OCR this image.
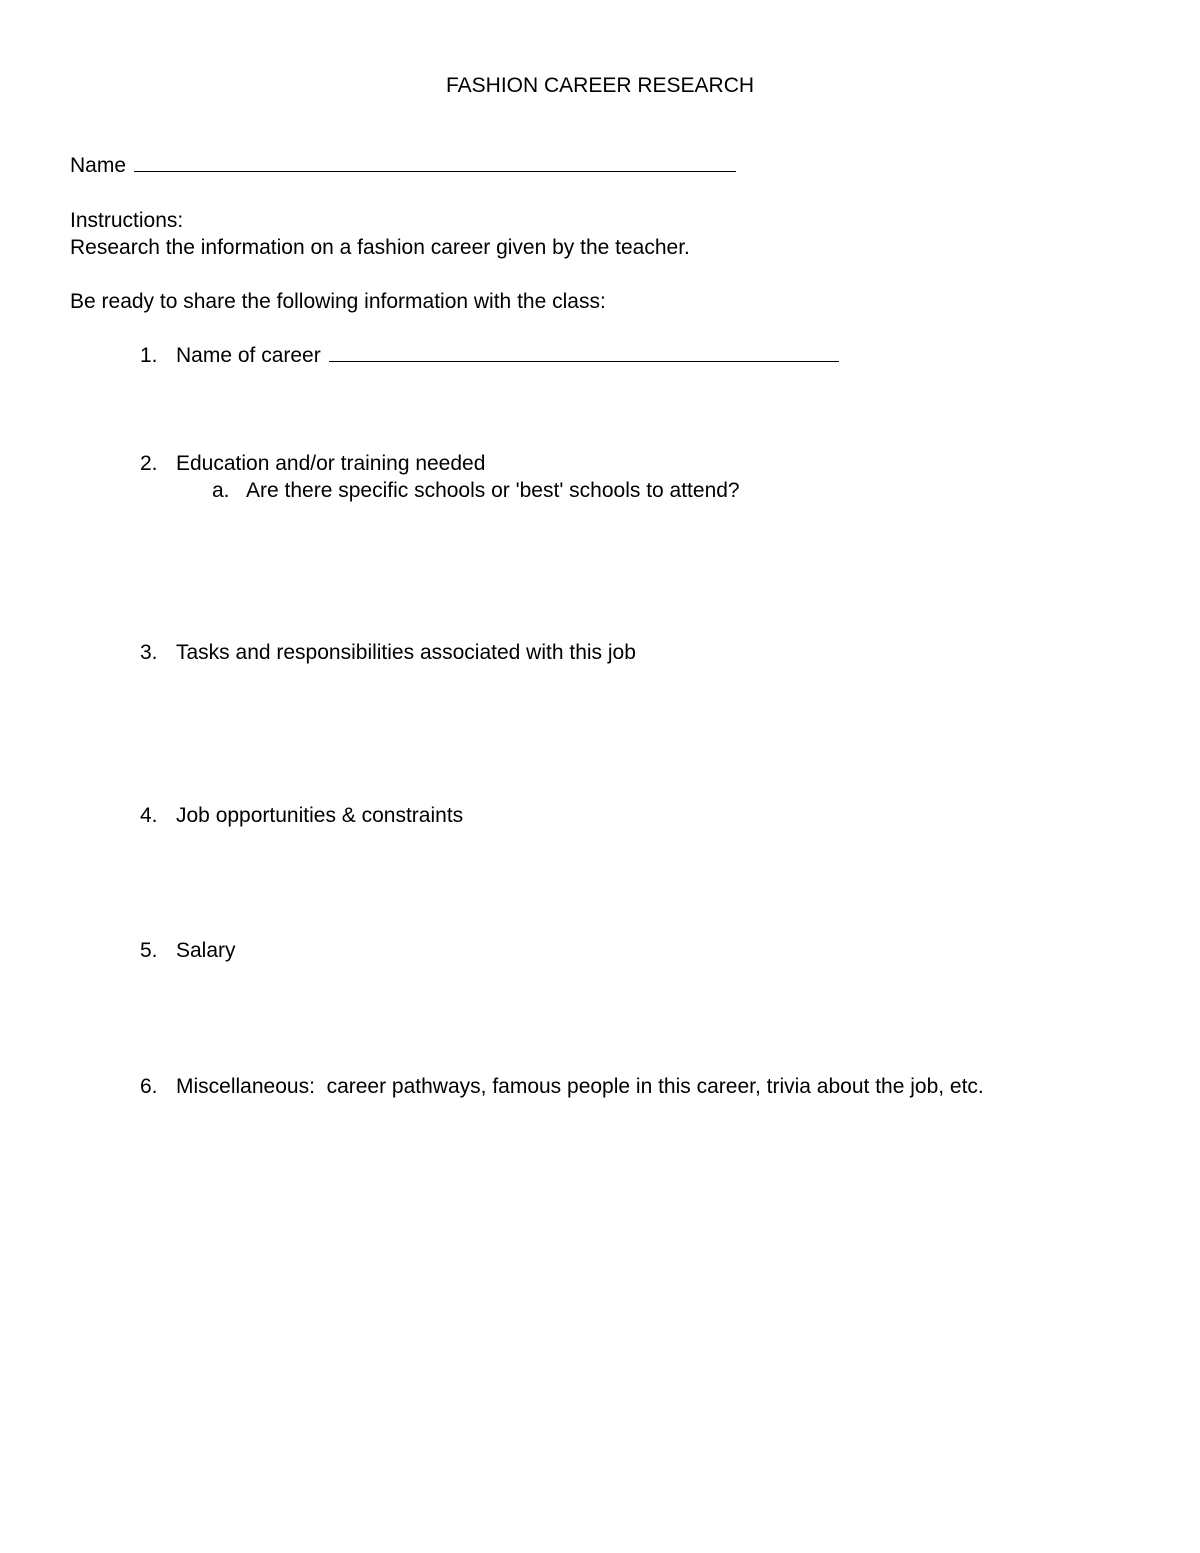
FASHION CAREER RESEARCH
Name
Instructions:
Research the information on a fashion career given by the teacher.
Be ready to share the following information with the class:
1. Name of career
2. Education and/or training needed
a. Are there specific schools or 'best' schools to attend?
3. Tasks and responsibilities associated with this job
4. Job opportunities & constraints
5. Salary
6. Miscellaneous:  career pathways, famous people in this career, trivia about the job, etc.
